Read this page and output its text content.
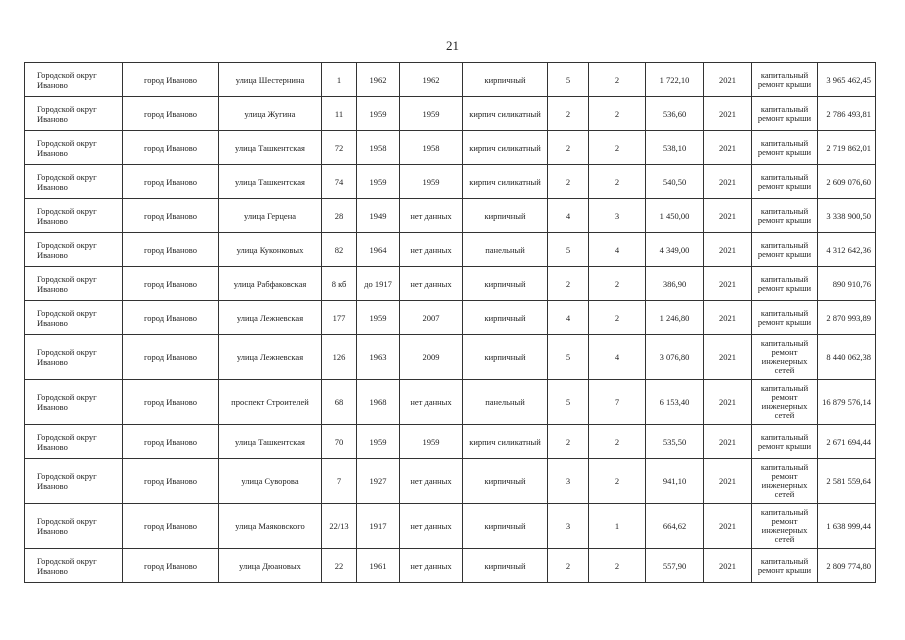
21
Городской округ Иваново	город Иваново	улица Шестернина	1	1962	1962	кирпичный	5	2	1 722,10	2021	капитальный ремонт крыши	3 965 462,45
Городской округ Иваново	город Иваново	улица Жугина	11	1959	1959	кирпич силикатный	2	2	536,60	2021	капитальный ремонт крыши	2 786 493,81
Городской округ Иваново	город Иваново	улица Ташкентская	72	1958	1958	кирпич силикатный	2	2	538,10	2021	капитальный ремонт крыши	2 719 862,01
Городской округ Иваново	город Иваново	улица Ташкентская	74	1959	1959	кирпич силикатный	2	2	540,50	2021	капитальный ремонт крыши	2 609 076,60
Городской округ Иваново	город Иваново	улица Герцена	28	1949	нет данных	кирпичный	4	3	1 450,00	2021	капитальный ремонт крыши	3 338 900,50
Городской округ Иваново	город Иваново	улица Куконковых	82	1964	нет данных	панельный	5	4	4 349,00	2021	капитальный ремонт крыши	4 312 642,36
Городской округ Иваново	город Иваново	улица Рабфаковская	8 кб	до 1917	нет данных	кирпичный	2	2	386,90	2021	капитальный ремонт крыши	890 910,76
Городской округ Иваново	город Иваново	улица Лежневская	177	1959	2007	кирпичный	4	2	1 246,80	2021	капитальный ремонт крыши	2 870 993,89
Городской округ Иваново	город Иваново	улица Лежневская	126	1963	2009	кирпичный	5	4	3 076,80	2021	капитальный ремонт инженерных сетей	8 440 062,38
Городской округ Иваново	город Иваново	проспект Строителей	68	1968	нет данных	панельный	5	7	6 153,40	2021	капитальный ремонт инженерных сетей	16 879 576,14
Городской округ Иваново	город Иваново	улица Ташкентская	70	1959	1959	кирпич силикатный	2	2	535,50	2021	капитальный ремонт крыши	2 671 694,44
Городской округ Иваново	город Иваново	улица Суворова	7	1927	нет данных	кирпичный	3	2	941,10	2021	капитальный ремонт инженерных сетей	2 581 559,64
Городской округ Иваново	город Иваново	улица Маяковского	22/13	1917	нет данных	кирпичный	3	1	664,62	2021	капитальный ремонт инженерных сетей	1 638 999,44
Городской округ Иваново	город Иваново	улица Дюановых	22	1961	нет данных	кирпичный	2	2	557,90	2021	капитальный ремонт крыши	2 809 774,80
